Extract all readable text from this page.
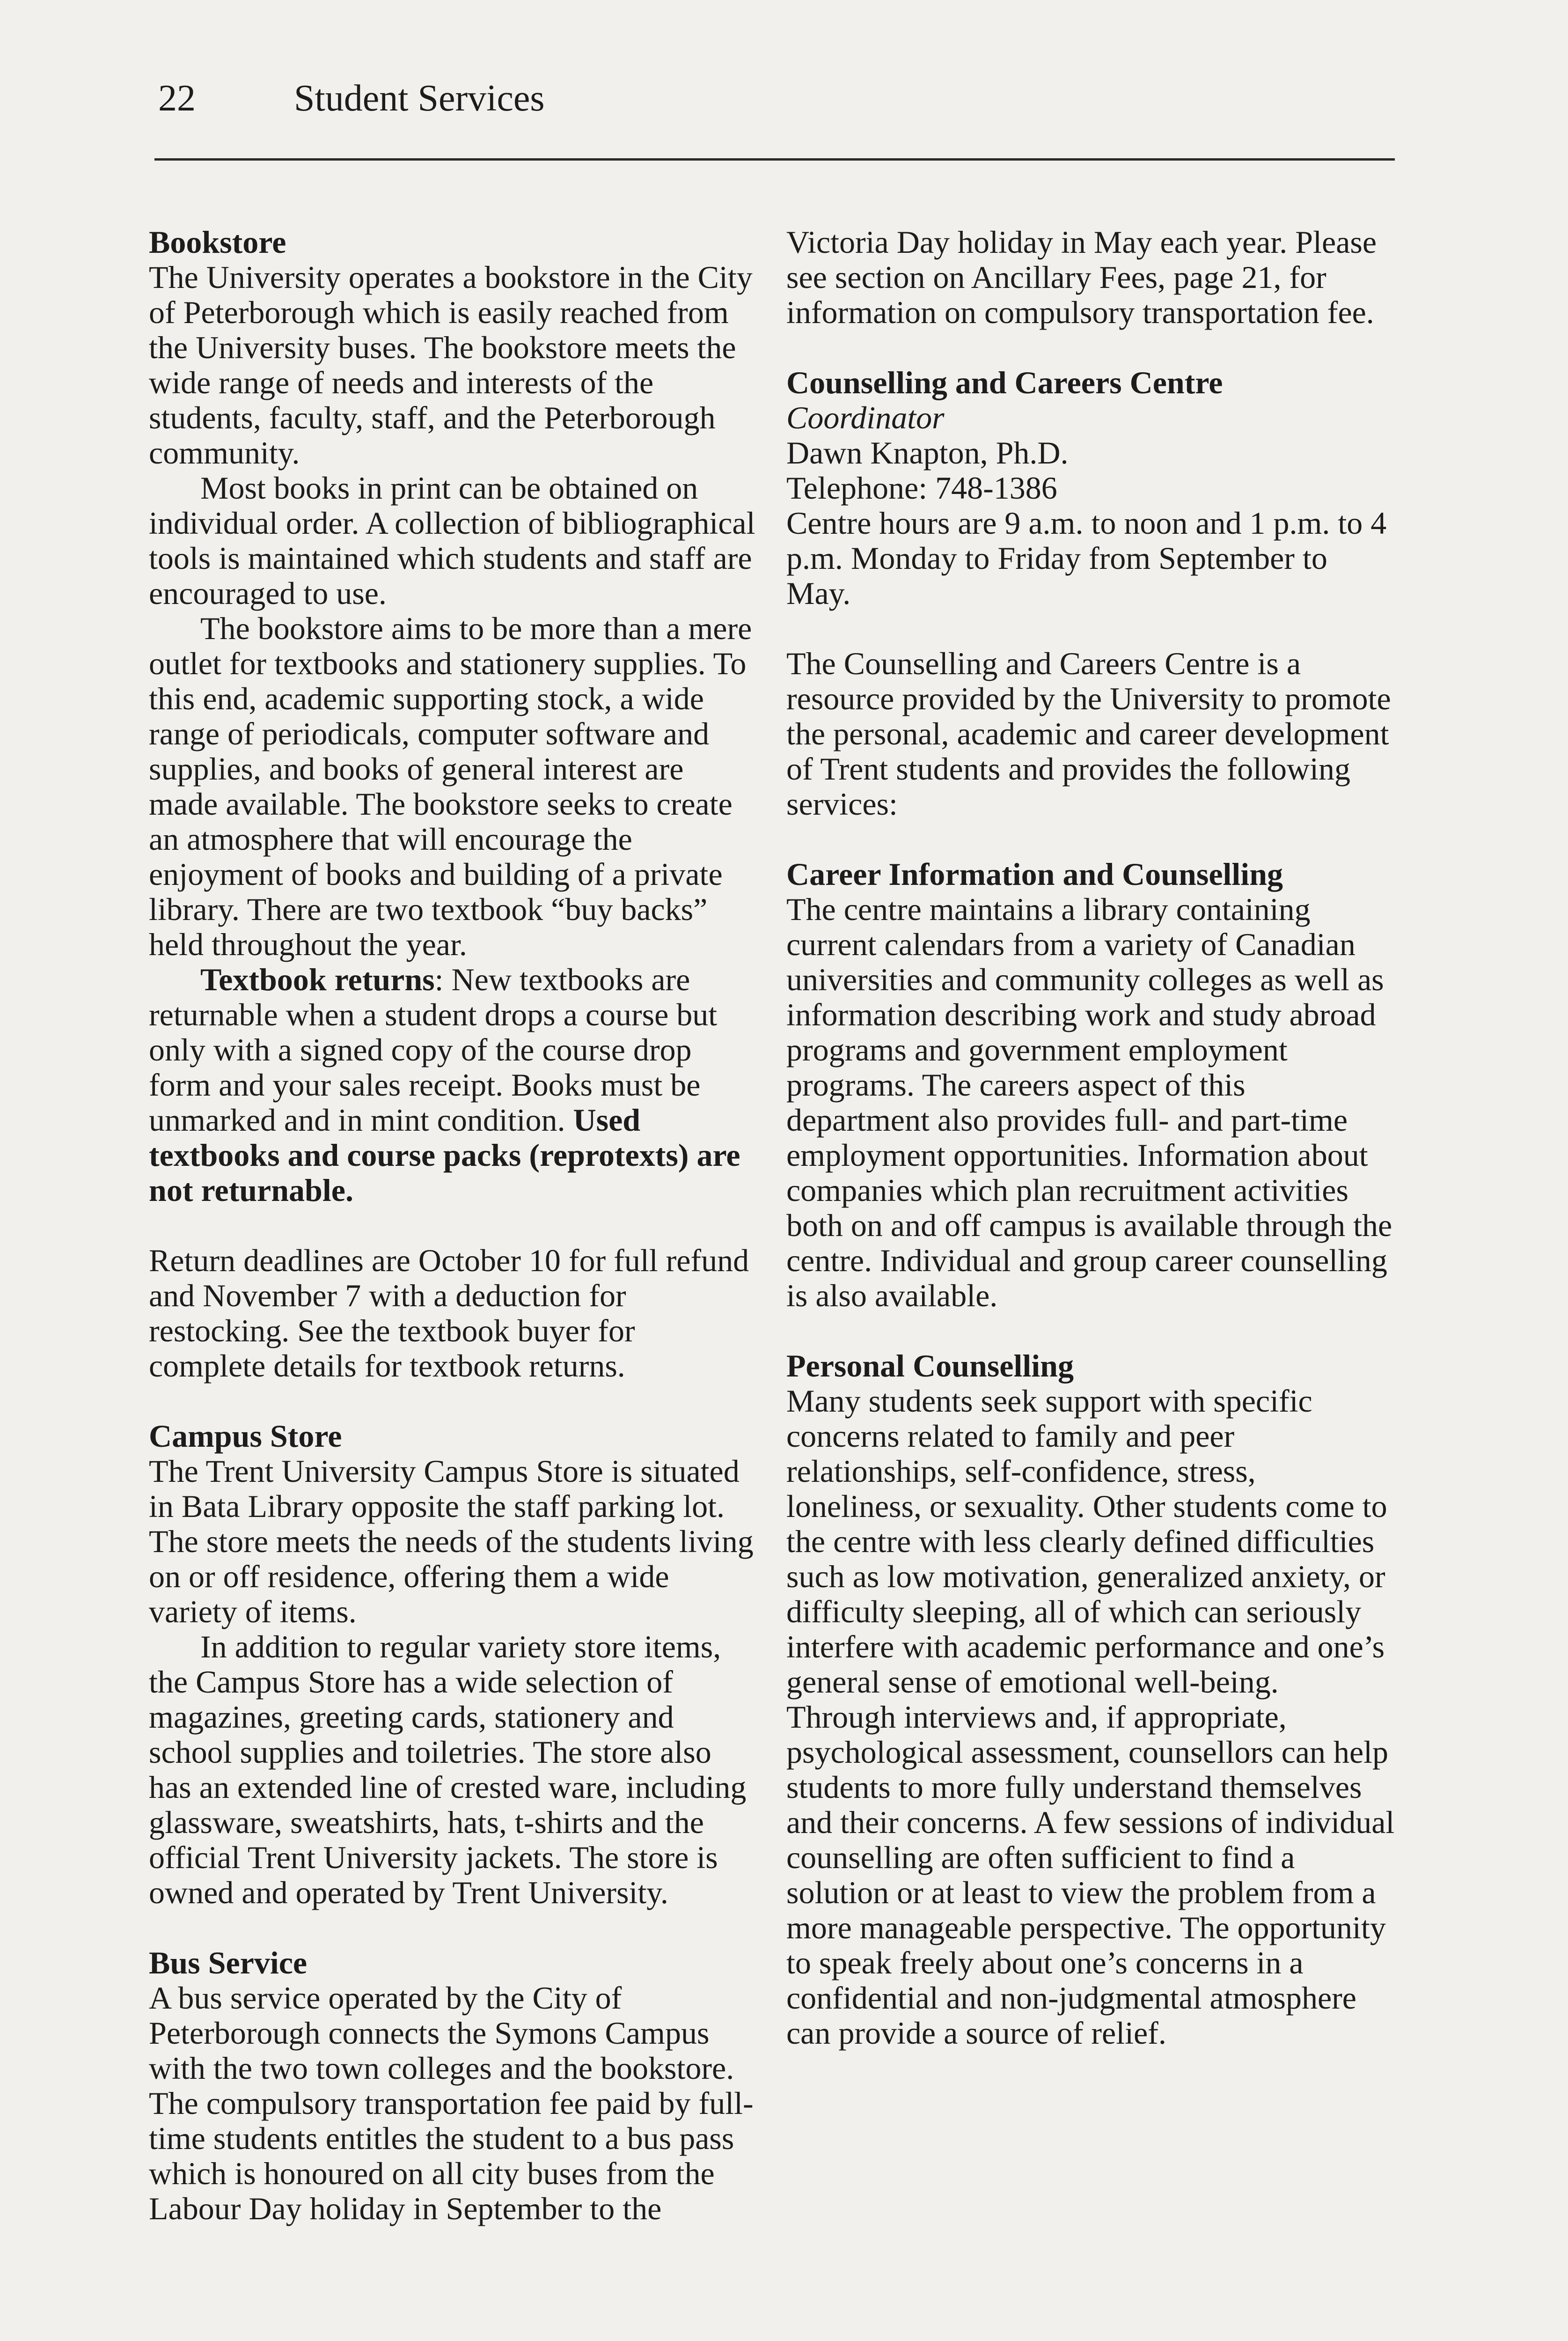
22	Student Services
Bookstore

The University operates a bookstore in the City of Peterborough which is easily reached from the University buses. The bookstore meets the wide range of needs and interests of the students, faculty, staff, and the Peterborough community.

Most books in print can be obtained on individual order. A collection of bibliographical tools is maintained which students and staff are encouraged to use.

The bookstore aims to be more than a mere outlet for textbooks and stationery supplies. To this end, academic supporting stock, a wide range of periodicals, computer software and supplies, and books of general interest are made available. The bookstore seeks to create an atmosphere that will encourage the enjoyment of books and building of a private library. There are two textbook “buy backs” held throughout the year.

Textbook returns: New textbooks are returnable when a student drops a course but only with a signed copy of the course drop form and your sales receipt. Books must be unmarked and in mint condition. Used textbooks and course packs (reprotexts) are not returnable.

Return deadlines are October 10 for full refund and November 7 with a deduction for restocking. See the textbook buyer for complete details for textbook returns.

Campus Store

The Trent University Campus Store is situated in Bata Library opposite the staff parking lot. The store meets the needs of the students living on or off residence, offering them a wide variety of items.

In addition to regular variety store items, the Campus Store has a wide selection of magazines, greeting cards, stationery and school supplies and toiletries. The store also has an extended line of crested ware, including glassware, sweatshirts, hats, t-shirts and the official Trent University jackets. The store is owned and operated by Trent University.

Bus Service

A bus service operated by the City of Peterborough connects the Symons Campus with the two town colleges and the bookstore. The compulsory transportation fee paid by full-time students entitles the student to a bus pass which is honoured on all city buses from the Labour Day holiday in September to the

Victoria Day holiday in May each year. Please see section on Ancillary Fees, page 21, for information on compulsory transportation fee.

Counselling and Careers Centre

Coordinator

Dawn Knapton, Ph.D.

Telephone: 748-1386

Centre hours are 9 a.m. to noon and 1 p.m. to 4 p.m. Monday to Friday from September to May.

The Counselling and Careers Centre is a resource provided by the University to promote the personal, academic and career development of Trent students and provides the following services:

Career Information and Counselling

The centre maintains a library containing current calendars from a variety of Canadian universities and community colleges as well as information describing work and study abroad programs and government employment programs. The careers aspect of this department also provides full- and part-time employment opportunities. Information about companies which plan recruitment activities both on and off campus is available through the centre. Individual and group career counselling is also available.

Personal Counselling

Many students seek support with specific concerns related to family and peer relationships, self-confidence, stress, loneliness, or sexuality. Other students come to the centre with less clearly defined difficulties such as low motivation, generalized anxiety, or difficulty sleeping, all of which can seriously interfere with academic performance and one’s general sense of emotional well-being. Through interviews and, if appropriate, psychological assessment, counsellors can help students to more fully understand themselves and their concerns. A few sessions of individual counselling are often sufficient to find a solution or at least to view the problem from a more manageable perspective. The opportunity to speak freely about one’s concerns in a confidential and non-judgmental atmosphere can provide a source of relief.
